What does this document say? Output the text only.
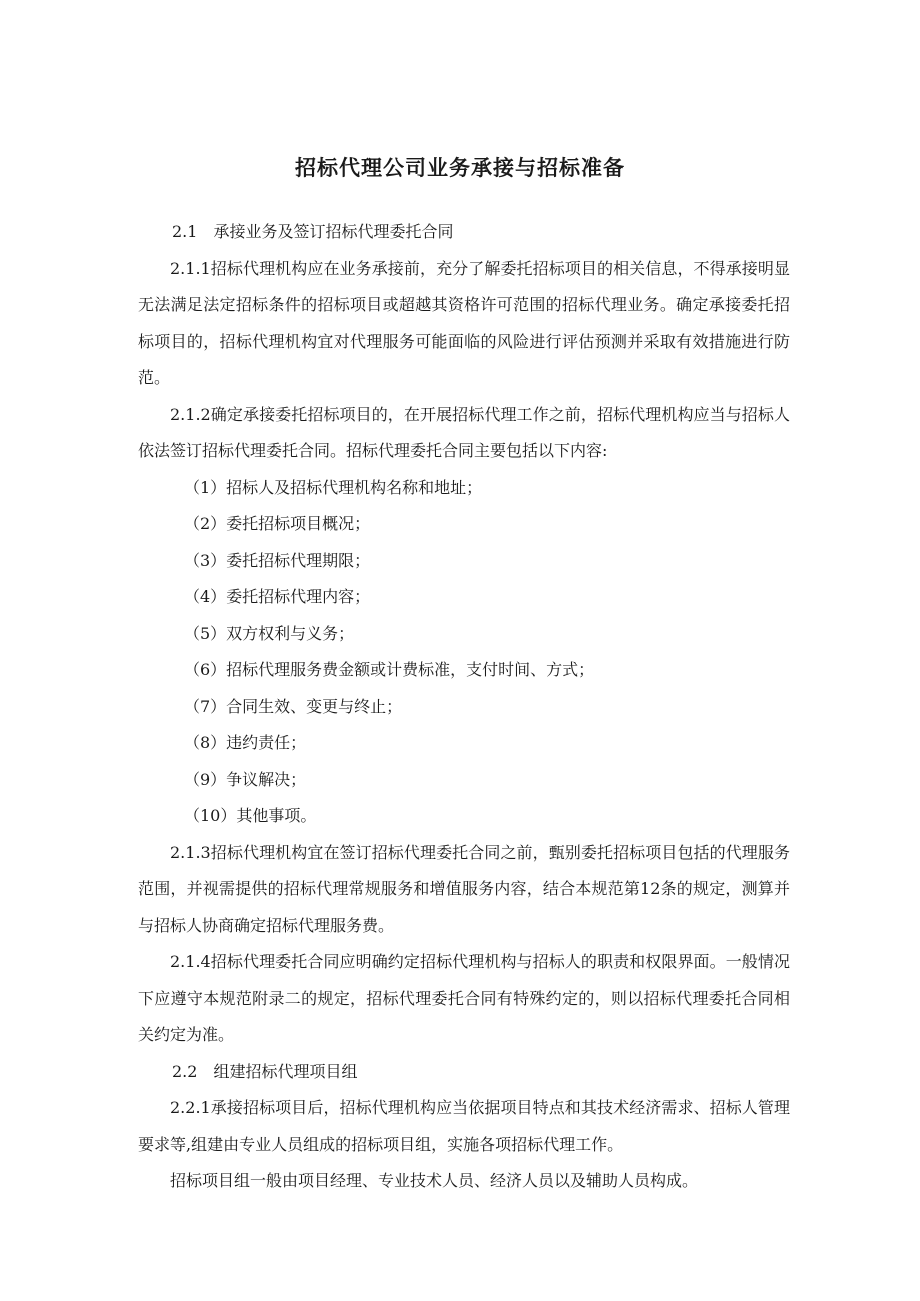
招标代理公司业务承接与招标准备

2.1　承接业务及签订招标代理委托合同

2.1.1招标代理机构应在业务承接前，充分了解委托招标项目的相关信息，不得承接明显无法满足法定招标条件的招标项目或超越其资格许可范围的招标代理业务。确定承接委托招标项目的，招标代理机构宜对代理服务可能面临的风险进行评估预测并采取有效措施进行防范。

2.1.2确定承接委托招标项目的，在开展招标代理工作之前，招标代理机构应当与招标人依法签订招标代理委托合同。招标代理委托合同主要包括以下内容:

（1）招标人及招标代理机构名称和地址；

（2）委托招标项目概况；

（3）委托招标代理期限；

（4）委托招标代理内容；

（5）双方权利与义务；

（6）招标代理服务费金额或计费标准，支付时间、方式；

（7）合同生效、变更与终止；

（8）违约责任；

（9）争议解决；

（10）其他事项。

2.1.3招标代理机构宜在签订招标代理委托合同之前，甄别委托招标项目包括的代理服务范围，并视需提供的招标代理常规服务和增值服务内容，结合本规范第12条的规定，测算并与招标人协商确定招标代理服务费。

2.1.4招标代理委托合同应明确约定招标代理机构与招标人的职责和权限界面。一般情况下应遵守本规范附录二的规定，招标代理委托合同有特殊约定的，则以招标代理委托合同相关约定为准。

2.2　组建招标代理项目组

2.2.1承接招标项目后，招标代理机构应当依据项目特点和其技术经济需求、招标人管理要求等,组建由专业人员组成的招标项目组，实施各项招标代理工作。

招标项目组一般由项目经理、专业技术人员、经济人员以及辅助人员构成。
